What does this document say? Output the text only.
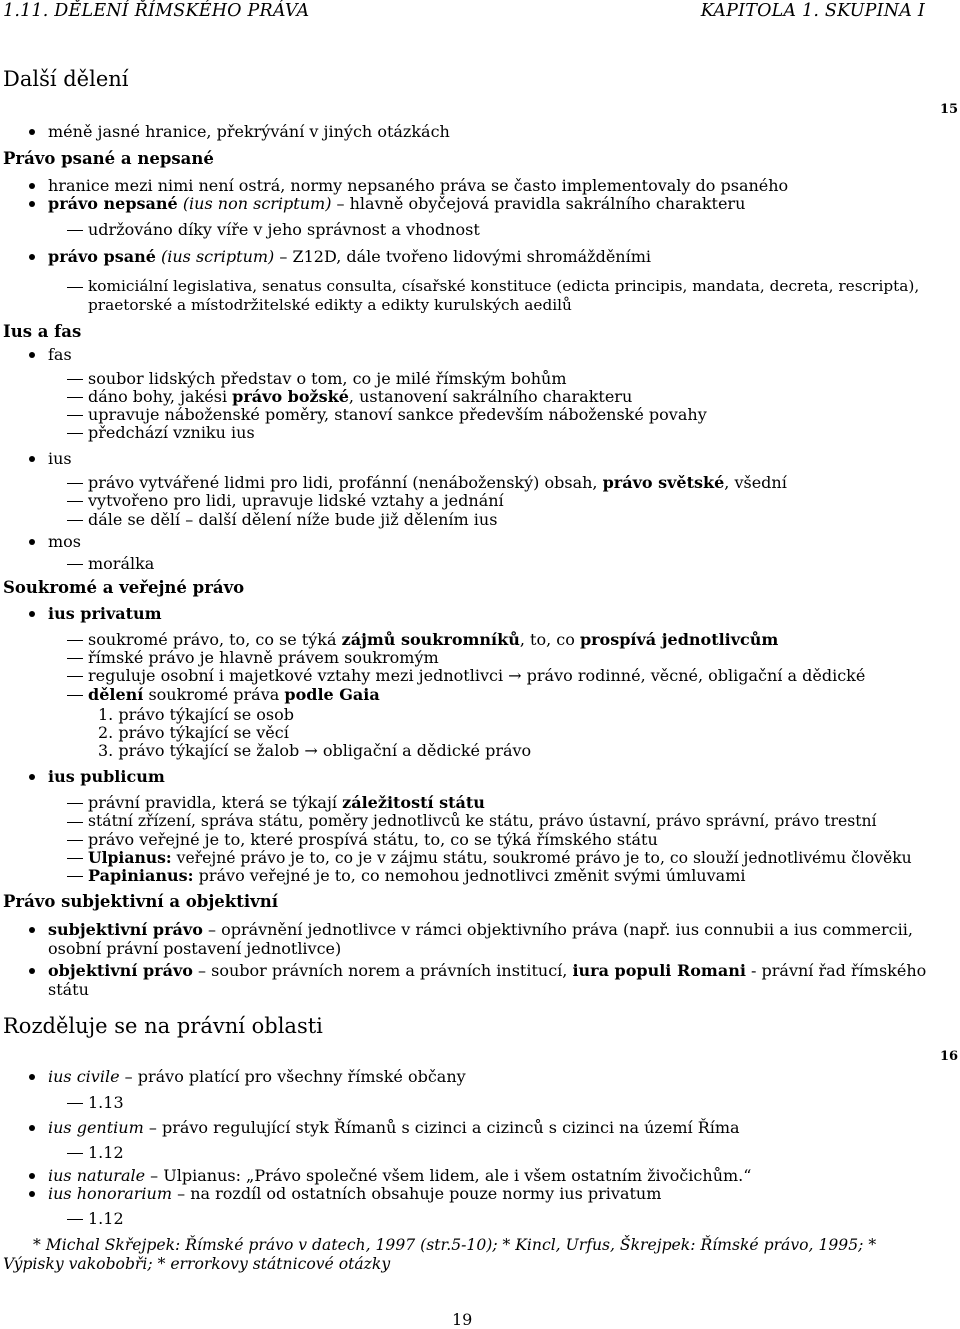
1.11. DĚLENÍ ŘÍMSKÉHO PRÁVA	KAPITOLA 1. SKUPINA I
Další dělení
15
méně jasné hranice, překrývání v jiných otázkách
Právo psané a nepsané
hranice mezi nimi není ostrá, normy nepsaného práva se často implementovaly do psaného
právo nepsané (ius non scriptum) – hlavně obyčejová pravidla sakrálního charakteru
udržováno díky víře v jeho správnost a vhodnost
právo psané (ius scriptum) – Z12D, dále tvořeno lidovými shromážděními
komiciální legislativa, senatus consulta, císařské konstituce (edicta principis, mandata, decreta, rescripta),
praetorské a místodržitelské edikty a edikty kurulských aedilů
Ius a fas
fas
soubor lidských představ o tom, co je milé římským bohům
dáno bohy, jakési právo božské, ustanovení sakrálního charakteru
upravuje náboženské poměry, stanoví sankce především náboženské povahy
předchází vzniku ius
ius
právo vytvářené lidmi pro lidi, profánní (nenáboženský) obsah, právo světské, všední
vytvořeno pro lidi, upravuje lidské vztahy a jednání
dále se dělí – další dělení níže bude již dělením ius
mos
morálka
Soukromé a veřejné právo
ius privatum
soukromé právo, to, co se týká zájmů soukromníků, to, co prospívá jednotlivcům
římské právo je hlavně právem soukromým
reguluje osobní i majetkové vztahy mezi jednotlivci → právo rodinné, věcné, obligační a dědické
dělení soukromé práva podle Gaia
1. právo týkající se osob
2. právo týkající se věcí
3. právo týkající se žalob → obligační a dědické právo
ius publicum
právní pravidla, která se týkají záležitostí státu
státní zřízení, správa státu, poměry jednotlivců ke státu, právo ústavní, právo správní, právo trestní
právo veřejné je to, které prospívá státu, to, co se týká římského státu
Ulpianus: veřejné právo je to, co je v zájmu státu, soukromé právo je to, co slouží jednotlivému člověku
Papinianus: právo veřejné je to, co nemohou jednotlivci změnit svými úmluvami
Právo subjektivní a objektivní
subjektivní právo – oprávnění jednotlivce v rámci objektivního práva (např. ius connubii a ius commercii,
osobní právní postavení jednotlivce)
objektivní právo – soubor právních norem a právních institucí, iura populi Romani - právní řad římského
státu
Rozděluje se na právní oblasti
16
ius civile – právo platící pro všechny římské občany
1.13
ius gentium – právo regulující styk Římanů s cizinci a cizinců s cizinci na území Říma
1.12
ius naturale – Ulpianus: „Právo společné všem lidem, ale i všem ostatním živočichům.“
ius honorarium – na rozdíl od ostatních obsahuje pouze normy ius privatum
1.12
* Michal Skřejpek: Římské právo v datech, 1997 (str.5-10); * Kincl, Urfus, Škrejpek: Římské právo, 1995; *
Výpisky vakobobři; * errorkovy státnicové otázky
19
